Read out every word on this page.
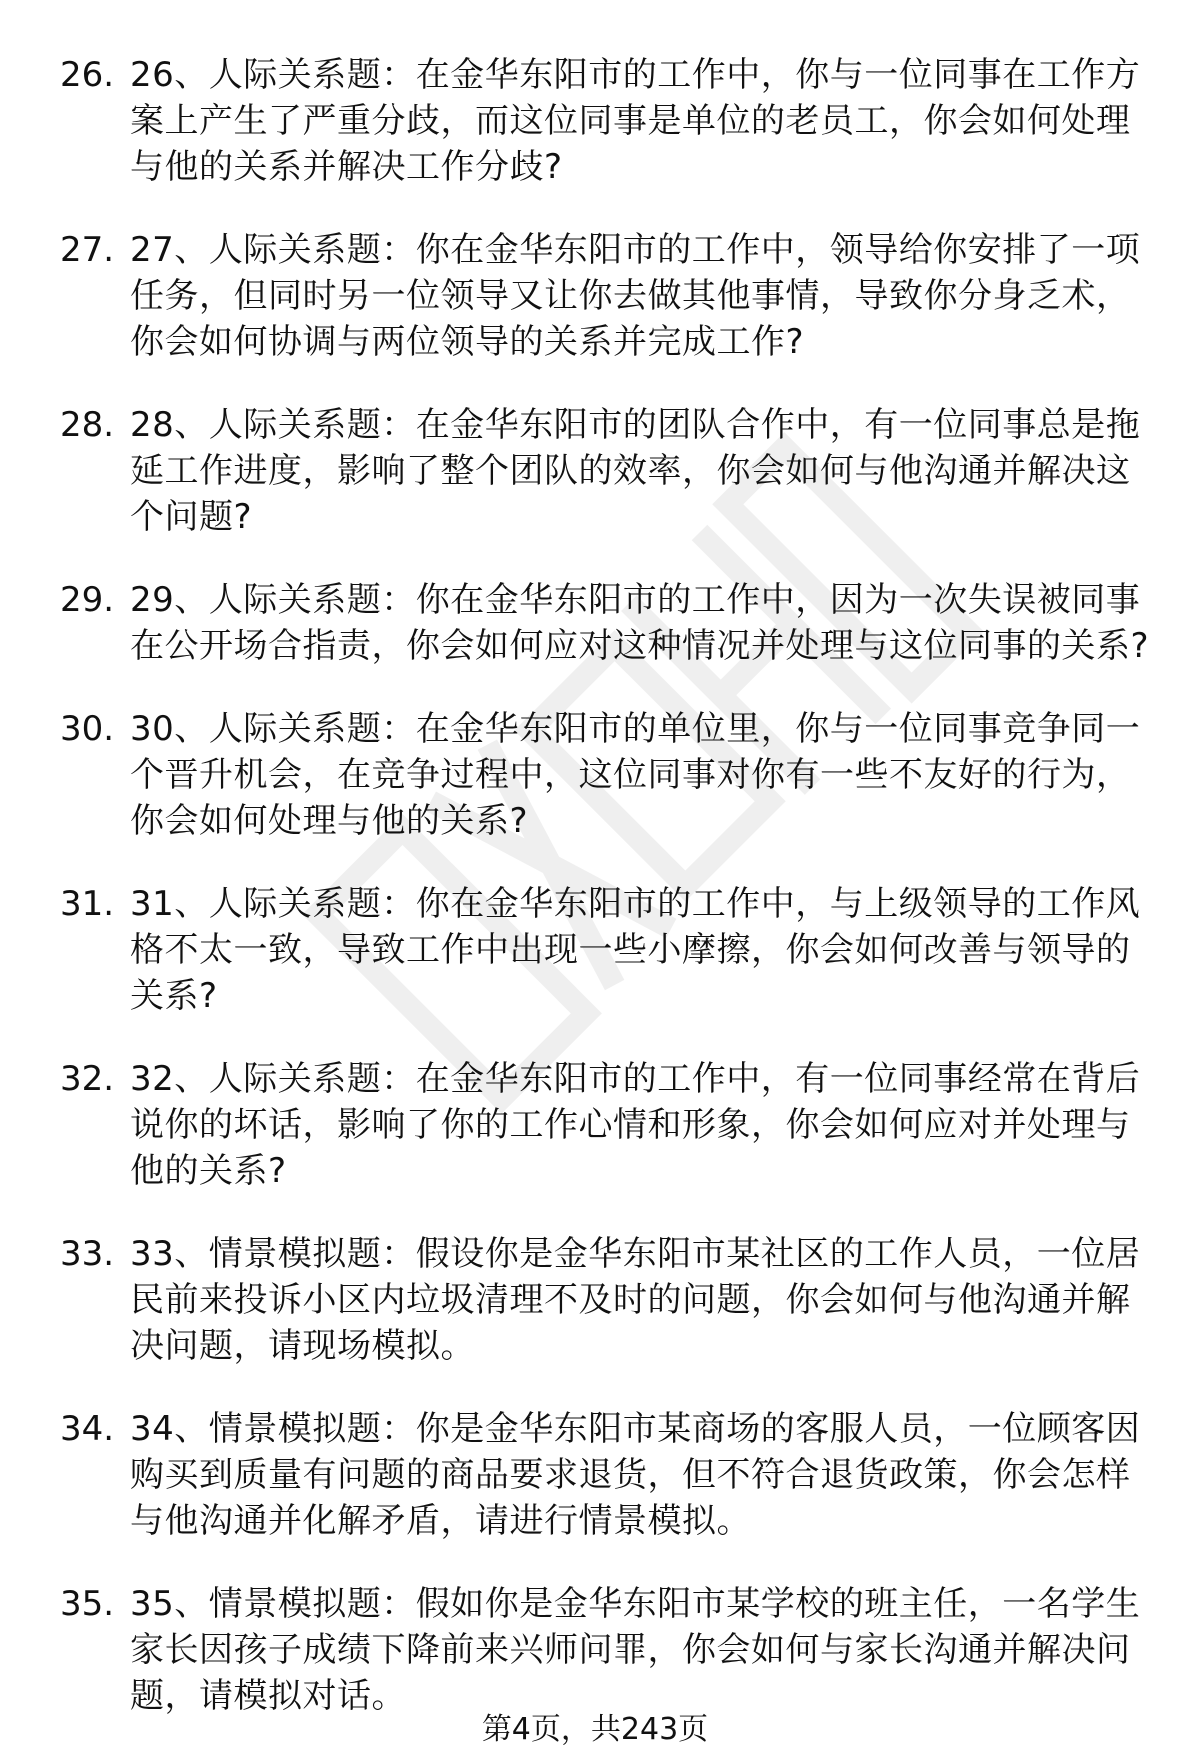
26. 26、人际关系题：在金华东阳市的工作中，你与一位同事在工作方案上产生了严重分歧，而这位同事是单位的老员工，你会如何处理与他的关系并解决工作分歧?
27. 27、人际关系题：你在金华东阳市的工作中，领导给你安排了一项任务，但同时另一位领导又让你去做其他事情，导致你分身乏术，你会如何协调与两位领导的关系并完成工作?
28. 28、人际关系题：在金华东阳市的团队合作中，有一位同事总是拖延工作进度，影响了整个团队的效率，你会如何与他沟通并解决这个问题?
29. 29、人际关系题：你在金华东阳市的工作中，因为一次失误被同事在公开场合指责，你会如何应对这种情况并处理与这位同事的关系?
30. 30、人际关系题：在金华东阳市的单位里，你与一位同事竞争同一个晋升机会，在竞争过程中，这位同事对你有一些不友好的行为，你会如何处理与他的关系?
31. 31、人际关系题：你在金华东阳市的工作中，与上级领导的工作风格不太一致，导致工作中出现一些小摩擦，你会如何改善与领导的关系?
32. 32、人际关系题：在金华东阳市的工作中，有一位同事经常在背后说你的坏话，影响了你的工作心情和形象，你会如何应对并处理与他的关系?
33. 33、情景模拟题：假设你是金华东阳市某社区的工作人员，一位居民前来投诉小区内垃圾清理不及时的问题，你会如何与他沟通并解决问题，请现场模拟。
34. 34、情景模拟题：你是金华东阳市某商场的客服人员，一位顾客因购买到质量有问题的商品要求退货，但不符合退货政策，你会怎样与他沟通并化解矛盾，请进行情景模拟。
35. 35、情景模拟题：假如你是金华东阳市某学校的班主任，一名学生家长因孩子成绩下降前来兴师问罪，你会如何与家长沟通并解决问题，请模拟对话。
第4页，共243页
